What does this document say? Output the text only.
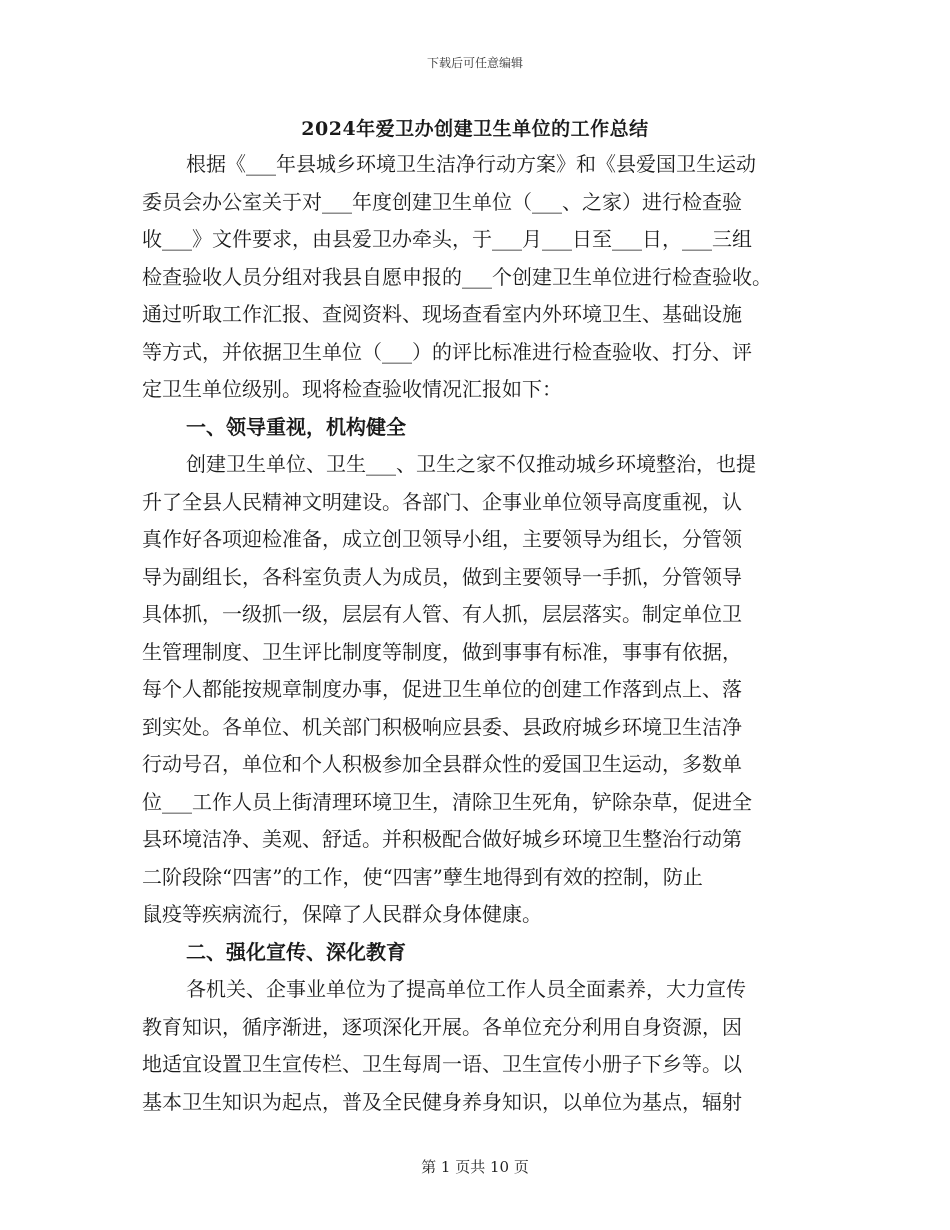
下载后可任意编辑
2024年爱卫办创建卫生单位的工作总结
根据《___年县城乡环境卫生洁净行动方案》和《县爱国卫生运动
委员会办公室关于对___年度创建卫生单位（___、之家）进行检查验
收___》文件要求，由县爱卫办牵头，于___月___日至___日，___三组
检查验收人员分组对我县自愿申报的___个创建卫生单位进行检查验收。
通过听取工作汇报、查阅资料、现场查看室内外环境卫生、基础设施
等方式，并依据卫生单位（___）的评比标准进行检查验收、打分、评
定卫生单位级别。现将检查验收情况汇报如下：
一、领导重视，机构健全
创建卫生单位、卫生___、卫生之家不仅推动城乡环境整治，也提
升了全县人民精神文明建设。各部门、企事业单位领导高度重视，认
真作好各项迎检准备，成立创卫领导小组，主要领导为组长，分管领
导为副组长，各科室负责人为成员，做到主要领导一手抓，分管领导
具体抓，一级抓一级，层层有人管、有人抓，层层落实。制定单位卫
生管理制度、卫生评比制度等制度，做到事事有标准，事事有依据，
每个人都能按规章制度办事，促进卫生单位的创建工作落到点上、落
到实处。各单位、机关部门积极响应县委、县政府城乡环境卫生洁净
行动号召，单位和个人积极参加全县群众性的爱国卫生运动，多数单
位___工作人员上街清理环境卫生，清除卫生死角，铲除杂草，促进全
县环境洁净、美观、舒适。并积极配合做好城乡环境卫生整治行动第
二阶段除“四害”的工作，使“四害”孽生地得到有效的控制，防止
鼠疫等疾病流行，保障了人民群众身体健康。
二、强化宣传、深化教育
各机关、企事业单位为了提高单位工作人员全面素养，大力宣传
教育知识，循序渐进，逐项深化开展。各单位充分利用自身资源，因
地适宜设置卫生宣传栏、卫生每周一语、卫生宣传小册子下乡等。以
基本卫生知识为起点，普及全民健身养身知识，以单位为基点，辐射
第 1 页共 10 页
